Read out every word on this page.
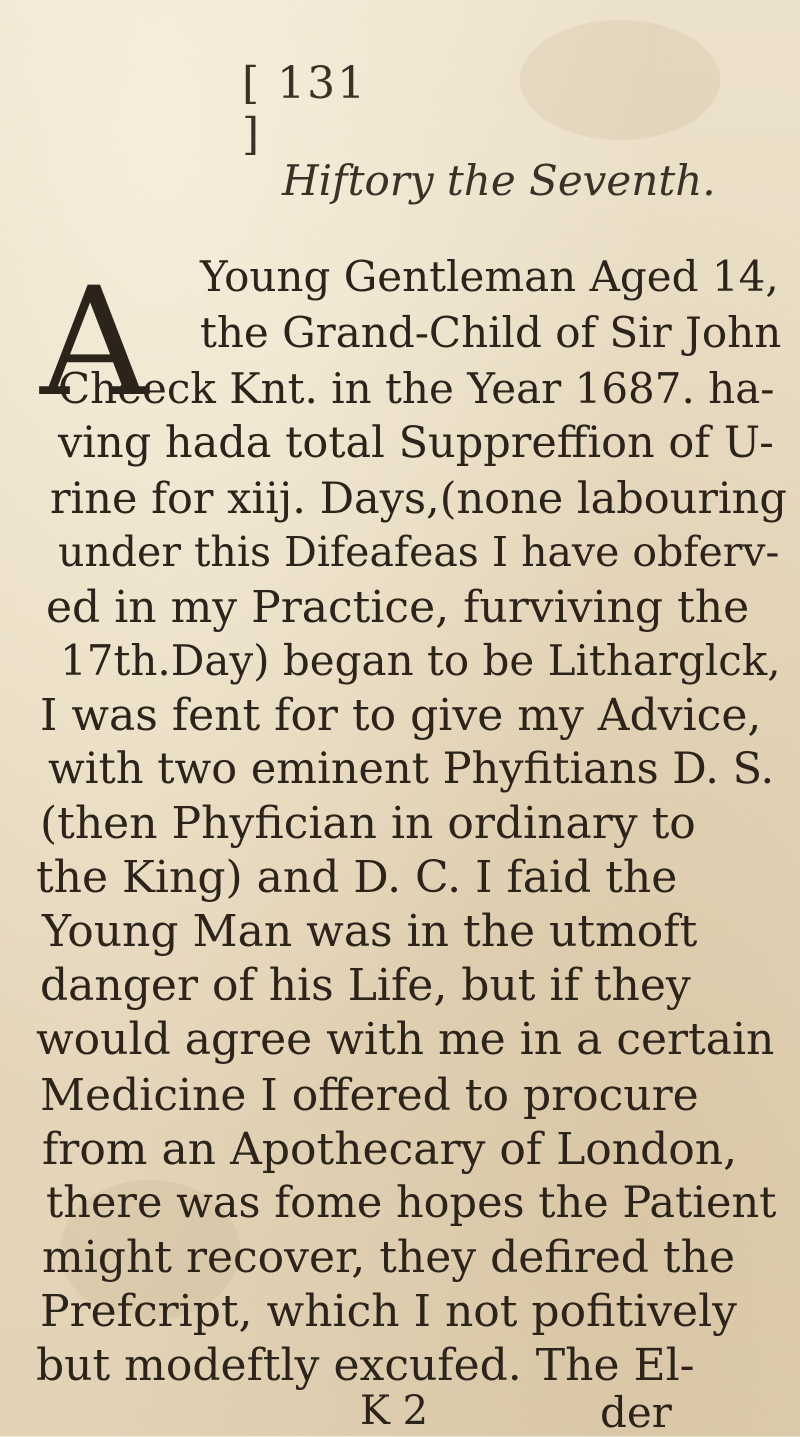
[ 131 ]
Hiftory the Seventh.
A Young Gentleman Aged 14,
the Grand-Child of Sir John
Cheeck Knt. in the Year 1687. ha-
ving hada total Suppreffion of U-
rine for xiij. Days,(none labouring
under this Difeafeas I have obferv-
ed in my Practice, furviving the
17th.Day) began to be Litharglck,
I was fent for to give my Advice,
with two eminent Phyfitians D. S.
(then Phyfician in ordinary to
the King) and D. C. I faid the
Young Man was in the utmoft
danger of his Life, but if they
would agree with me in a certain
Medicine I offered to procure
from an Apothecary of London,
there was fome hopes the Patient
might recover, they defired the
Prefcript, which I not pofitively
but modeftly excufed. The El-
K 2	der
